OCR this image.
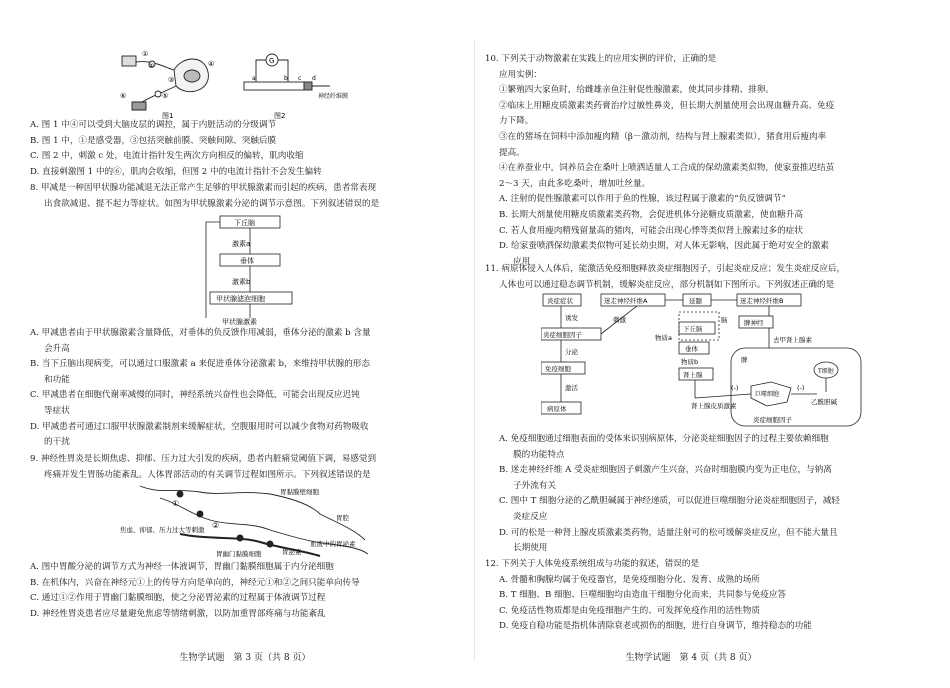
①
②
③
④
⑤
⑥
图1
G
a	b c d
神经纤维膜
图2
A. 图 1 中④可以受到大脑皮层的调控，属于内脏活动的分级调节
B. 图 1 中，①是感受器，③包括突触前膜、突触间隙、突触后膜
C. 图 2 中，刺激 c 处，电流计指针发生两次方向相反的偏转，肌肉收缩
D. 直接刺激图 1 中的⑥，肌肉会收缩，但图 2 中的电流计指针不会发生偏转
8. 甲减是一种因甲状腺功能减退无法正常产生足够的甲状腺激素而引起的疾病，患者常表现
出食欲减退、提不起力等症状。如图为甲状腺激素分泌的调节示意图。下列叙述错误的是
下丘脑
激素a
垂体
激素b
甲状腺滤泡细胞
甲状腺激素
A. 甲减患者由于甲状腺激素含量降低，对垂体的负反馈作用减弱，垂体分泌的激素 b 含量
会升高
B. 当下丘脑出现病变，可以通过口服激素 a 来促进垂体分泌激素 b，来维持甲状腺的形态
和功能
C. 甲减患者在细胞代谢率减慢的同时，神经系统兴奋性也会降低，可能会出现反应迟钝
等症状
D. 甲减患者可通过口服甲状腺激素制剂来缓解症状，空腹服用时可以减少食物对药物吸收
的干扰
9. 神经性胃炎是长期焦虑、抑郁、压力过大引发的疾病，患者内脏痛觉阈值下调，易感觉到
疼痛并发生胃肠功能紊乱。人体胃部活动的有关调节过程如图所示。下列叙述错误的是
①
②
焦虑、抑郁、压力过大等刺激
胃黏膜壁细胞
胃腔
胃幽门黏膜细胞	胃泌素
血液中的胃泌素
A. 图中胃酸分泌的调节方式为神经一体液调节，胃幽门黏膜细胞属于内分泌细胞
B. 在机体内，兴奋在神经元①上的传导方向是单向的，神经元①和②之间只能单向传导
C. 通过①②作用于胃幽门黏膜细胞，使之分泌胃泌素的过程属于体液调节过程
D. 神经性胃炎患者应尽量避免焦虑等情绪刺激，以防加重胃部疼痛与功能紊乱
生物学试题　第 3 页（共 8 页）
10. 下列关于动物激素在实践上的应用实例的评价，正确的是
应用实例：
①繁殖四大家鱼时，给雌雄亲鱼注射促性腺激素，使其同步排精、排卵。
②临床上用糖皮质激素类药膏治疗过敏性鼻炎，但长期大剂量使用会出现血糖升高、免疫
力下降。
③在的猪场在饲料中添加瘦肉精（β－激动剂，结构与肾上腺素类似），猪食用后瘦肉率
提高。
④在养蚕业中，饲养员会在桑叶上喷洒适量人工合成的保幼激素类似物，使家蚕推迟结茧
2～3 天，由此多吃桑叶，增加吐丝量。
A. 注射的促性腺激素可以作用于鱼的性腺，该过程属于激素的“负反馈调节”
B. 长期大剂量使用糖皮质激素类药物，会促进机体分泌糖皮质激素，使血糖升高
C. 若人食用瘦肉精残留量高的猪肉，可能会出现心悸等类似肾上腺素过多的症状
D. 给家蚕喷洒保幼激素类似物可延长幼虫期，对人体无影响，因此属于绝对安全的激素
应用
11. 病原体侵入人体后，能激活免疫细胞释放炎症细胞因子，引起炎症反应；发生炎症反应后，
人体也可以通过稳态调节机制，缓解炎症反应，部分机制如下图所示。下列叙述正确的是
炎症症状	迷走神经纤维A	延髓	迷走神经纤维B
诱发	刺激
下丘脑
脑	脾神经
炎症细胞因子	物质a
垂体
分泌
免疫细胞
物质b
肾上腺
激活
病原体
脾
去甲肾上腺素
T细胞
巨噬细胞
乙酰胆碱
肾上腺皮质激素
(-)	(-)
炎症细胞因子
A. 免疫细胞通过细胞表面的受体来识别病原体，分泌炎症细胞因子的过程主要依赖细胞
膜的功能特点
B. 迷走神经纤维 A 受炎症细胞因子刺激产生兴奋，兴奋时细胞膜内变为正电位，与钠离
子外流有关
C. 图中 T 细胞分泌的乙酰胆碱属于神经递质，可以促进巨噬细胞分泌炎症细胞因子，减轻
炎症反应
D. 可的松是一种肾上腺皮质激素类药物，适量注射可的松可缓解炎症反应，但不能大量且
长期使用
12. 下列关于人体免疫系统组成与功能的叙述，错误的是
A. 骨髓和胸腺均属于免疫器官，是免疫细胞分化、发育、成熟的场所
B. T 细胞、B 细胞、巨噬细胞均由造血干细胞分化而来，共同参与免疫应答
C. 免疫活性物质都是由免疫细胞产生的、可发挥免疫作用的活性物质
D. 免疫自稳功能是指机体清除衰老或损伤的细胞，进行自身调节，维持稳态的功能
生物学试题　第 4 页（共 8 页）
